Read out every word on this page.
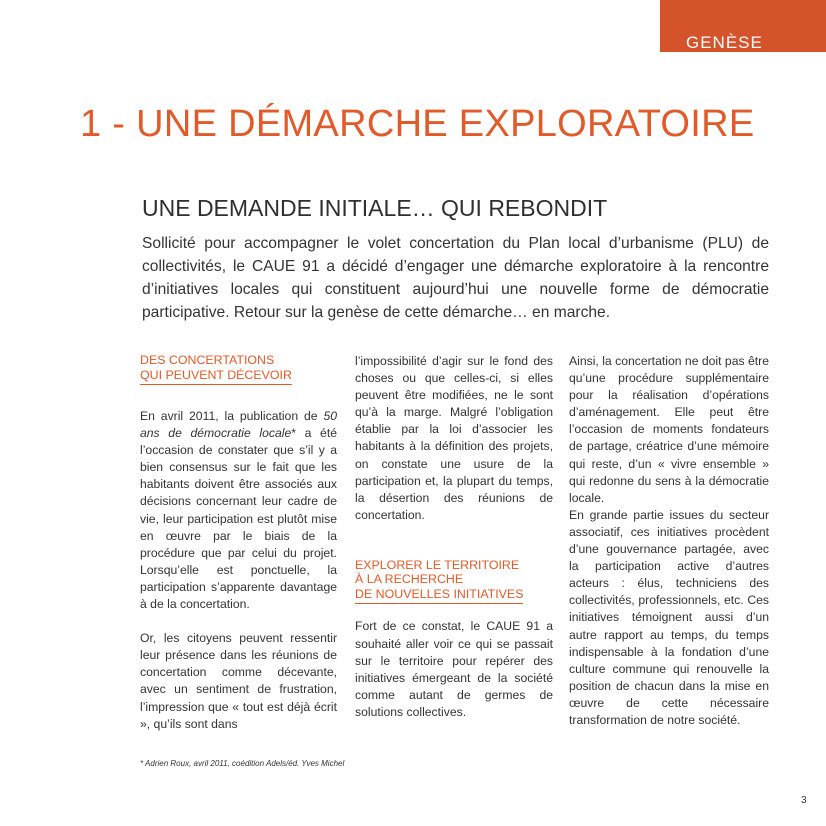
GENÈSE
1 - UNE DÉMARCHE EXPLORATOIRE
UNE DEMANDE INITIALE… QUI REBONDIT

Sollicité pour accompagner le volet concertation du Plan local d’urbanisme (PLU) de collectivités, le CAUE 91 a décidé d’engager une démarche exploratoire à la rencontre d’initiatives locales qui constituent aujourd’hui une nouvelle forme de démocratie participative. Retour sur la genèse de cette démarche… en marche.

DES CONCERTATIONS
QUI PEUVENT DÉCEVOIR

En avril 2011, la publication de 50 ans de démocratie locale* a été l’occasion de constater que s’il y a bien consensus sur le fait que les habitants doivent être associés aux décisions concernant leur cadre de vie, leur participation est plutôt mise en œuvre par le biais de la procédure que par celui du projet. Lorsqu’elle est ponctuelle, la participation s’apparente davantage à de la concertation.

Or, les citoyens peuvent ressentir leur présence dans les réunions de concertation comme décevante, avec un sentiment de frustration, l’impression que « tout est déjà écrit », qu’ils sont dans

l’impossibilité d’agir sur le fond des choses ou que celles-ci, si elles peuvent être modifiées, ne le sont qu’à la marge. Malgré l’obligation établie par la loi d’associer les habitants à la définition des projets, on constate une usure de la participation et, la plupart du temps, la désertion des réunions de concertation.

EXPLORER LE TERRITOIRE
À LA RECHERCHE
DE NOUVELLES INITIATIVES

Fort de ce constat, le CAUE 91 a souhaité aller voir ce qui se passait sur le territoire pour repérer des initiatives émergeant de la société comme autant de germes de solutions collectives.

Ainsi, la concertation ne doit pas être qu’une procédure supplémentaire pour la réalisation d’opérations d’aménagement. Elle peut être l’occasion de moments fondateurs de partage, créatrice d’une mémoire qui reste, d’un « vivre ensemble » qui redonne du sens à la démocratie locale.

En grande partie issues du secteur associatif, ces initiatives procèdent d’une gouvernance partagée, avec la participation active d’autres acteurs : élus, techniciens des collectivités, professionnels, etc. Ces initiatives témoignent aussi d’un autre rapport au temps, du temps indispensable à la fondation d’une culture commune qui renouvelle la position de chacun dans la mise en œuvre de cette nécessaire transformation de notre société.

* Adrien Roux, avril 2011, coédition Adels/éd. Yves Michel

3
